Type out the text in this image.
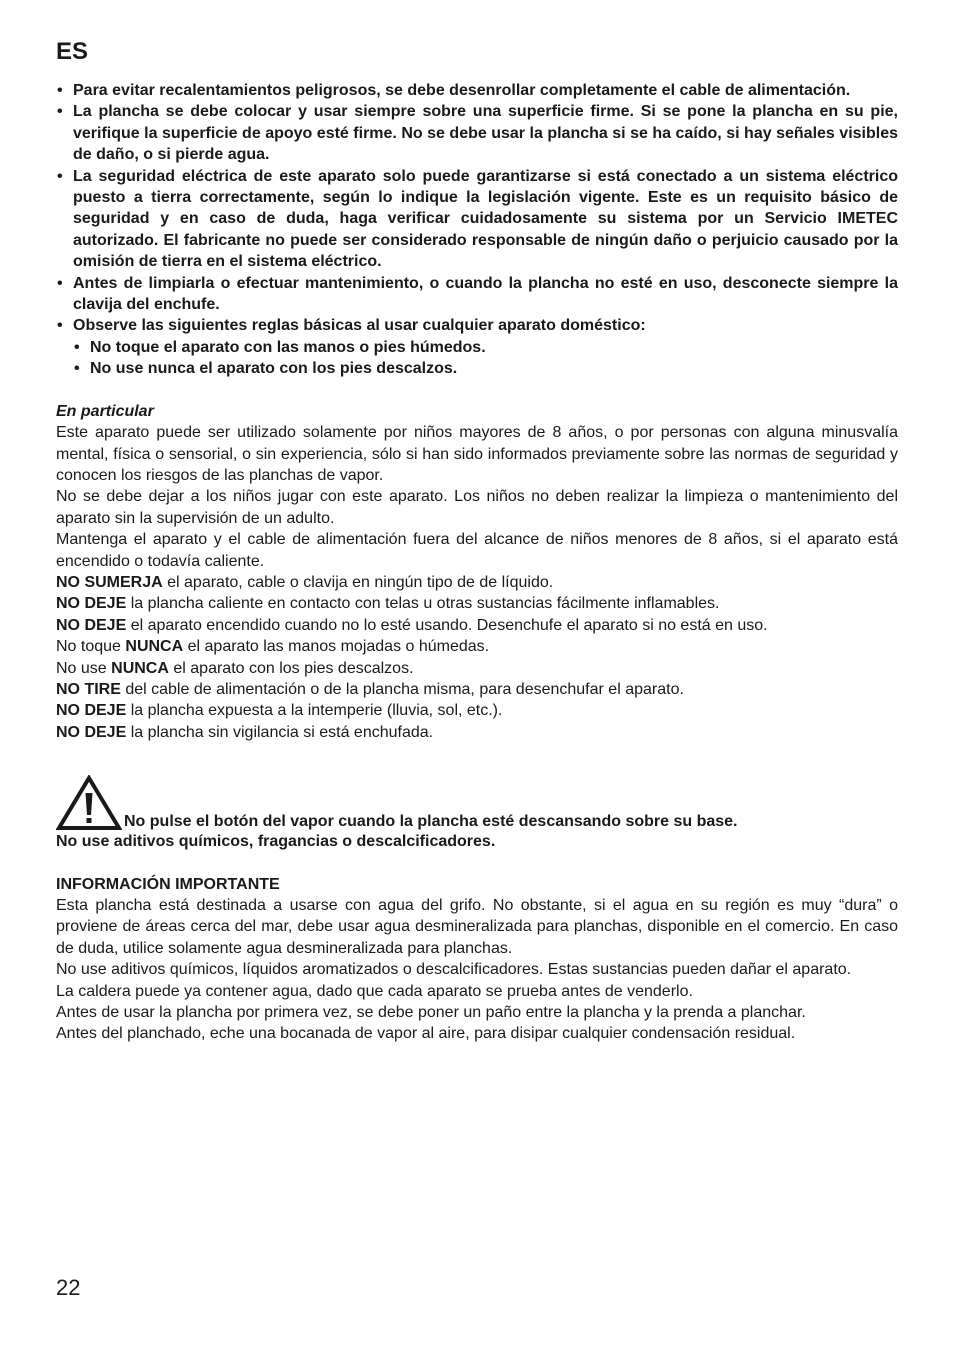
ES
• Para evitar recalentamientos peligrosos, se debe desenrollar completamente el cable de alimentación.
• La plancha se debe colocar y usar siempre sobre una superficie firme. Si se pone la plancha en su pie, verifique la superficie de apoyo esté firme. No se debe usar la plancha si se ha caído, si hay señales visibles de daño, o si pierde agua.
• La seguridad eléctrica de este aparato solo puede garantizarse si está conectado a un sistema eléctrico puesto a tierra correctamente, según lo indique la legislación vigente. Este es un requisito básico de seguridad y en caso de duda, haga verificar cuidadosamente su sistema por un Servicio IMETEC autorizado. El fabricante no puede ser considerado responsable de ningún daño o perjuicio causado por la omisión de tierra en el sistema eléctrico.
• Antes de limpiarla o efectuar mantenimiento, o cuando la plancha no esté en uso, desconecte siempre la clavija del enchufe.
• Observe las siguientes reglas básicas al usar cualquier aparato doméstico:
• No toque el aparato con las manos o pies húmedos.
• No use nunca el aparato con los pies descalzos.
En particular

Este aparato puede ser utilizado solamente por niños mayores de 8 años, o por personas con alguna minusvalía mental, física o sensorial, o sin experiencia, sólo si han sido informados previamente sobre las normas de seguridad y conocen los riesgos de las planchas de vapor.

No se debe dejar a los niños jugar con este aparato. Los niños no deben realizar la limpieza o mantenimiento del aparato sin la supervisión de un adulto.

Mantenga el aparato y el cable de alimentación fuera del alcance de niños menores de 8 años, si el aparato está encendido o todavía caliente.

NO SUMERJA el aparato, cable o clavija en ningún tipo de de líquido.

NO DEJE la plancha caliente en contacto con telas u otras sustancias fácilmente inflamables.

NO DEJE el aparato encendido cuando no lo esté usando. Desenchufe el aparato si no está en uso.

No toque NUNCA el aparato las manos mojadas o húmedas.

No use NUNCA el aparato con los pies descalzos.

NO TIRE del cable de alimentación o de la plancha misma, para desenchufar el aparato.

NO DEJE la plancha expuesta a la intemperie (lluvia, sol, etc.).

NO DEJE la plancha sin vigilancia si está enchufada.

No pulse el botón del vapor cuando la plancha esté descansando sobre su base.
No use aditivos químicos, fragancias o descalcificadores.
INFORMACIÓN IMPORTANTE

Esta plancha está destinada a usarse con agua del grifo. No obstante, si el agua en su región es muy “dura” o proviene de áreas cerca del mar, debe usar agua desmineralizada para planchas, disponible en el comercio. En caso de duda, utilice solamente agua desmineralizada para planchas.

No use aditivos químicos, líquidos aromatizados o descalcificadores. Estas sustancias pueden dañar el aparato.

La caldera puede ya contener agua, dado que cada aparato se prueba antes de venderlo.

Antes de usar la plancha por primera vez, se debe poner un paño entre la plancha y la prenda a planchar.

Antes del planchado, eche una bocanada de vapor al aire, para disipar cualquier condensación residual.

22
